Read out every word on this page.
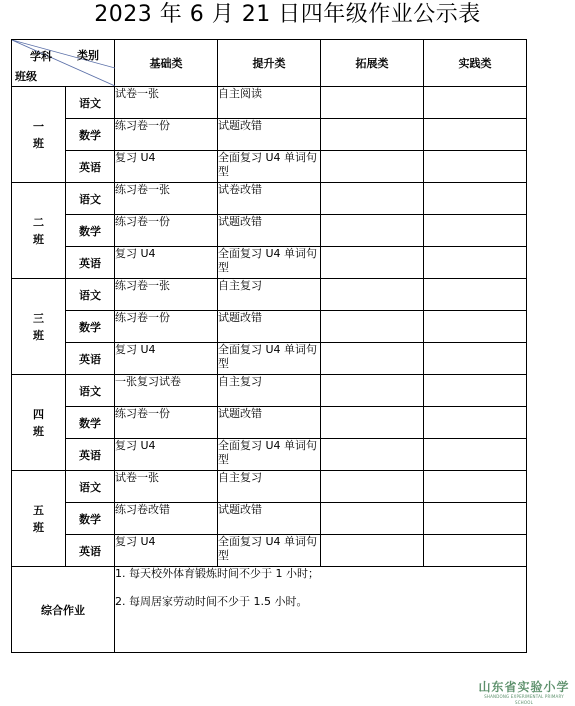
2023 年 6 月 21 日四年级作业公示表
学科 类别
班级		基础类	提升类	拓展类	实践类

一
班	语文	试卷一张	自主阅读		
	数学	练习卷一份	试题改错		
	英语	复习 U4	全面复习 U4 单词句型		

二
班	语文	练习卷一张	试卷改错		
	数学	练习卷一份	试题改错		
	英语	复习 U4	全面复习 U4 单词句型		

三
班	语文	练习卷一张	自主复习		
	数学	练习卷一份	试题改错		
	英语	复习 U4	全面复习 U4 单词句型		

四
班	语文	一张复习试卷	自主复习		
	数学	练习卷一份	试题改错		
	英语	复习 U4	全面复习 U4 单词句型		

五
班	语文	试卷一张	自主复习		
	数学	练习卷改错	试题改错		
	英语	复习 U4	全面复习 U4 单词句型		
综合作业		1. 每天校外体育锻炼时间不少于 1 小时；

2. 每周居家劳动时间不少于 1.5 小时。			

山东省实验小学
SHANDONG EXPERIMENTAL PRIMARY SCHOOL
